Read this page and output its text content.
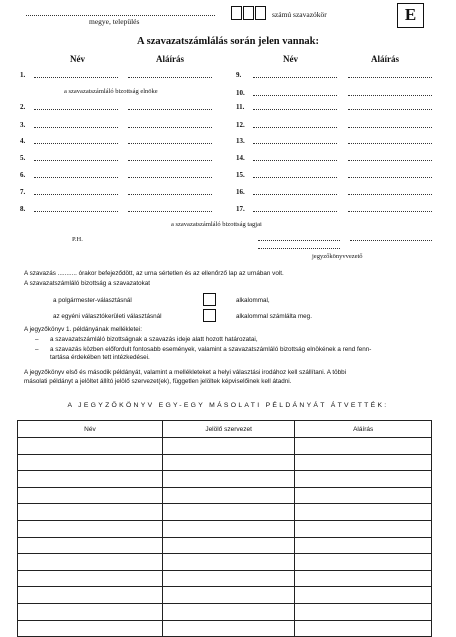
megye, település
számú szavazókör	E
A szavazatszámlálás során jelen vannak:
Név	Aláírás	Név	Aláírás
1.
2.
3.
4.
5.
6.
7.
8.
a szavazatszámláló bizottság elnöke
9.
10.
11.
12.
13.
14.
15.
16.
17.
a szavazatszámláló bizottság tagjai
P.H.
jegyzőkönyvvezető
A szavazás ........... órakor befejeződött, az urna sértetlen és az ellenőrző lap az urnában volt.
A szavazatszámláló bizottság a szavazatokat
a polgármester-választásnál	alkalommal,
az egyéni választókerületi választásnál	alkalommal számlálta meg.
A jegyzőkönyv 1. példányának mellékletei:
– a szavazatszámláló bizottságnak a szavazás ideje alatt hozott határozatai,
– a szavazás közben előfordult fontosabb események, valamint a szavazatszámláló bizottság elnökének a rend fenn-
tartása érdekében tett intézkedései.
A jegyzőkönyv első és második példányát, valamint a mellékleteket a helyi választási irodához kell szállítani. A többi
másolati példányt a jelöltet állító jelölő szervezet(ek), független jelöltek képviselőinek kell átadni.
A JEGYZŐKÖNYV EGY-EGY MÁSOLATI PÉLDÁNYÁT ÁTVETTÉK:
Név	Jelölő szervezet	Aláírás
